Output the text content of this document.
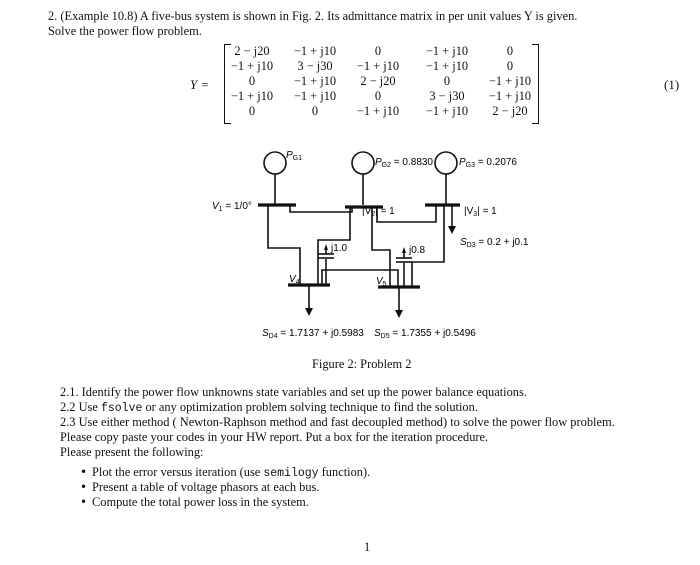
2. (Example 10.8) A five-bus system is shown in Fig. 2. Its admittance matrix in per unit values Y is given.
Solve the power flow problem.
Y =
2 − j20	−1 + j10	0	−1 + j10	0
−1 + j10	3 − j30	−1 + j10	−1 + j10	0
0	−1 + j10	2 − j20	0	−1 + j10
−1 + j10	−1 + j10	0	3 − j30	−1 + j10
0	0	−1 + j10	−1 + j10	2 − j20
(1)
$P_{G1}$	$P_{G2} = 0.8830$	$P_{G3} = 0.2076$
$V_1 = 1/0^\circ$	$|V_2| = 1$	$|V_3| = 1$
$S_{D3} = 0.2 + j0.1$
j1.0	j0.8
$V_4$	$V_5$
$S_{D4} = 1.7137 + j0.5983$ $S_{D5} = 1.7355 + j0.5496$
Figure 2: Problem 2
2.1. Identify the power flow unknowns state variables and set up the power balance equations.
2.2 Use fsolve or any optimization problem solving technique to find the solution.
2.3 Use either method ( Newton-Raphson method and fast decoupled method) to solve the power flow problem.
Please copy paste your codes in your HW report. Put a box for the iteration procedure.
Please present the following:
• Plot the error versus iteration (use semilogy function).
• Present a table of voltage phasors at each bus.
• Compute the total power loss in the system.
1
